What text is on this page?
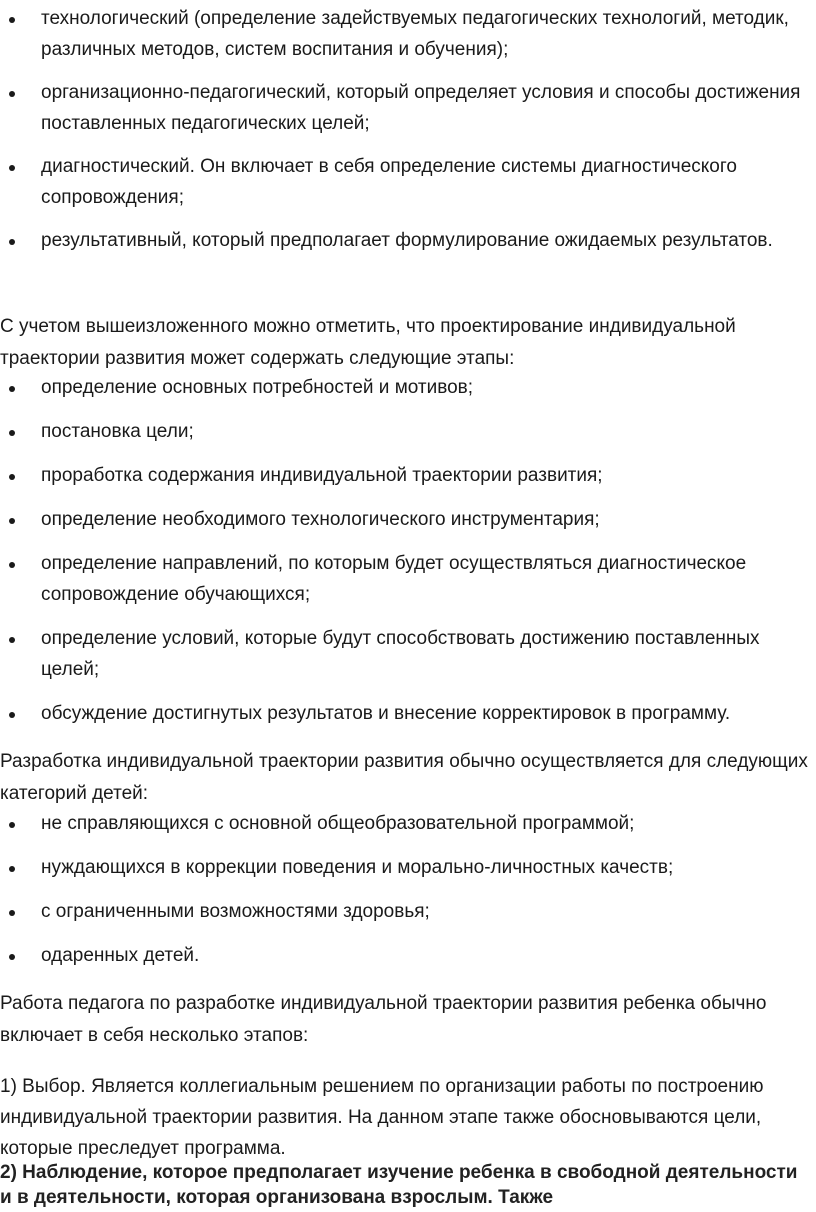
технологический (определение задействуемых педагогических технологий, методик, различных методов, систем воспитания и обучения);
организационно-педагогический, который определяет условия и способы достижения поставленных педагогических целей;
диагностический. Он включает в себя определение системы диагностического сопровождения;
результативный, который предполагает формулирование ожидаемых результатов.

С учетом вышеизложенного можно отметить, что проектирование индивидуальной траектории развития может содержать следующие этапы:

определение основных потребностей и мотивов;
постановка цели;
проработка содержания индивидуальной траектории развития;
определение необходимого технологического инструментария;
определение направлений, по которым будет осуществляться диагностическое сопровождение обучающихся;
определение условий, которые будут способствовать достижению поставленных целей;
обсуждение достигнутых результатов и внесение корректировок в программу.

Разработка индивидуальной траектории развития обычно осуществляется для следующих категорий детей:

не справляющихся с основной общеобразовательной программой;
нуждающихся в коррекции поведения и морально-личностных качеств;
с ограниченными возможностями здоровья;
одаренных детей.

Работа педагога по разработке индивидуальной траектории развития ребенка обычно включает в себя несколько этапов:

1) Выбор. Является коллегиальным решением по организации работы по построению индивидуальной траектории развития. На данном этапе также обосновываются цели, которые преследует программа.

2) Наблюдение, которое предполагает изучение ребенка в свободной деятельности и в деятельности, которая организована взрослым. Также
